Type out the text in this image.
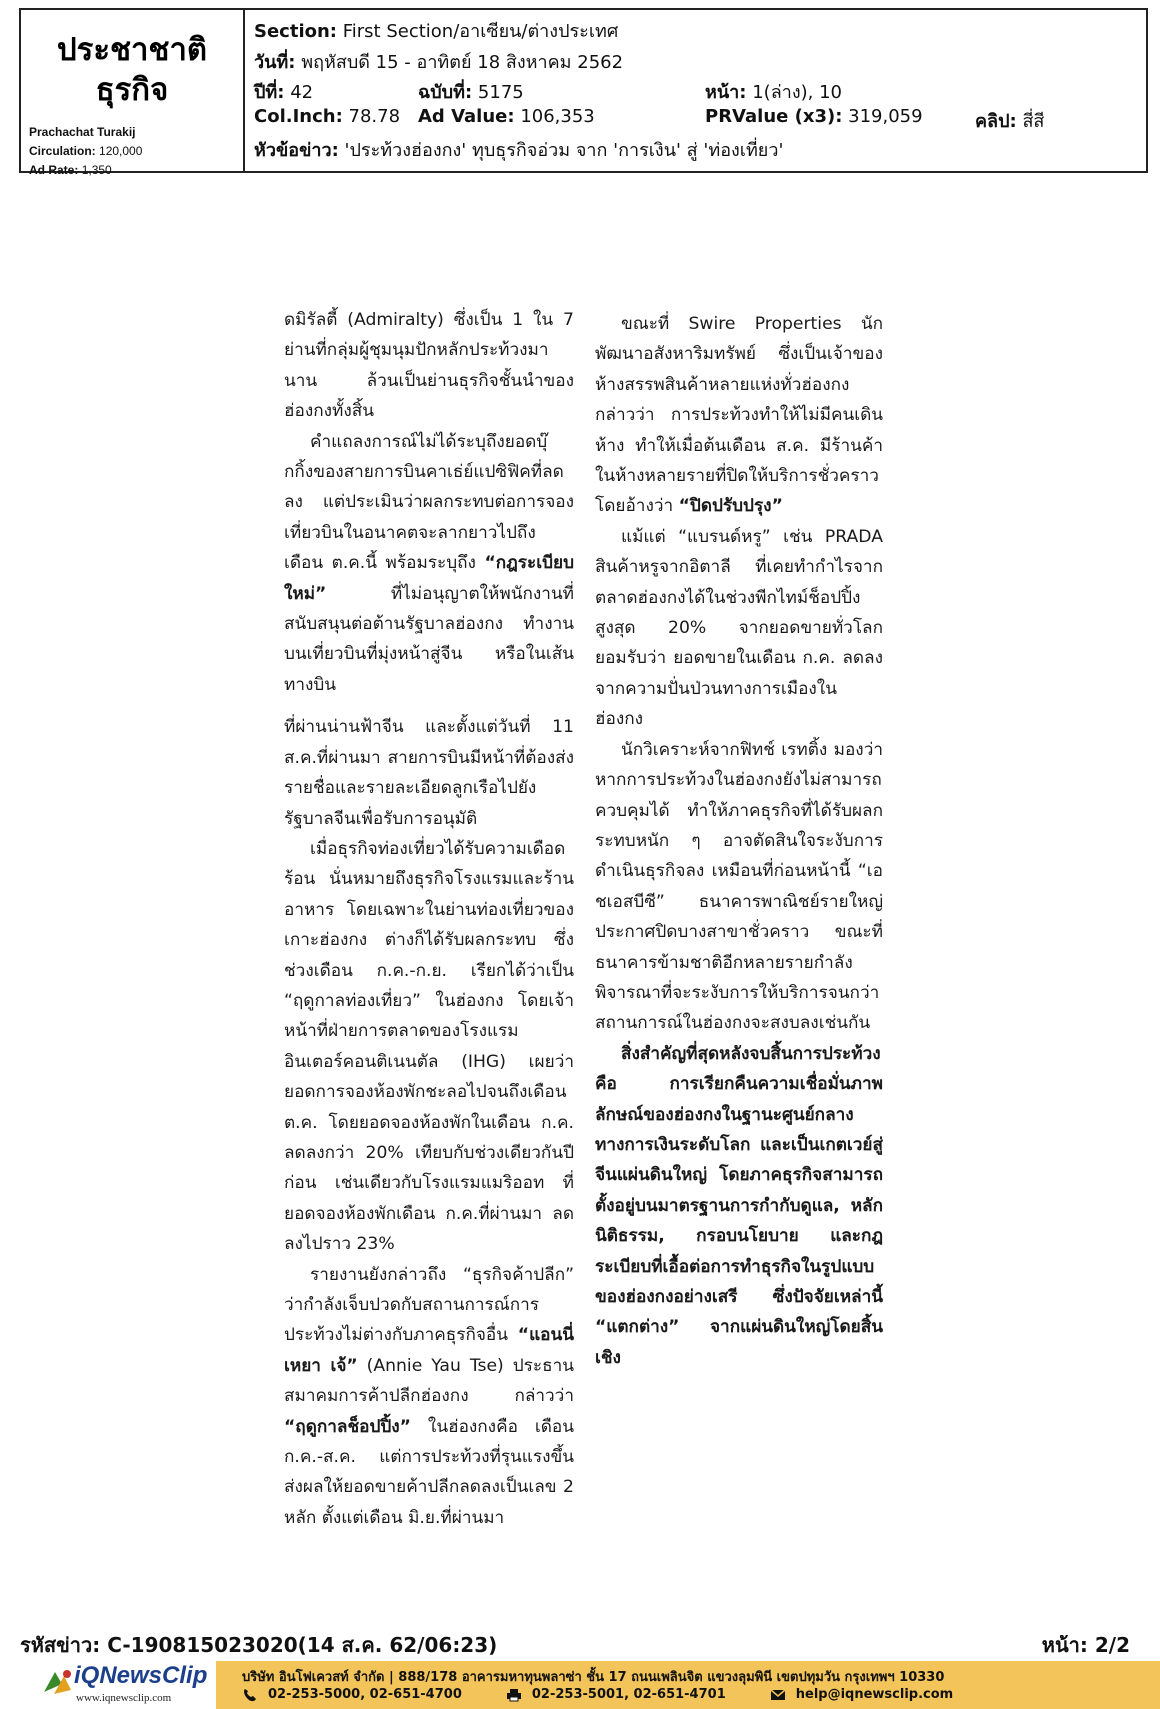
ประชาชาติ
ธุรกิจ
Prachachat Turakij
Circulation: 120,000
Ad Rate: 1,350
Section: First Section/อาเซียน/ต่างประเทศ
วันที่: พฤหัสบดี 15 - อาทิตย์ 18 สิงหาคม 2562
ปีที่: 42	ฉบับที่: 5175	หน้า: 1(ล่าง), 10
Col.Inch: 78.78 Ad Value: 106,353	PRValue (x3): 319,059	คลิป: สี่สี
หัวข้อข่าว: 'ประท้วงฮ่องกง' ทุบธุรกิจอ่วม จาก 'การเงิน' สู่ 'ท่องเที่ยว'

ดมิรัลตี้ (Admiralty) ซึ่งเป็น 1 ใน 7 ย่านที่กลุ่มผู้ชุมนุมปักหลักประท้วงมานาน ล้วนเป็นย่านธุรกิจชั้นนำของฮ่องกงทั้งสิ้น

คำแถลงการณ์ไม่ได้ระบุถึงยอดบุ๊กกิ้งของสายการบินคาเธ่ย์แปซิฟิคที่ลดลง แต่ประเมินว่าผลกระทบต่อการจองเที่ยวบินในอนาคตจะลากยาวไปถึงเดือน ต.ค.นี้ พร้อมระบุถึง “กฎระเบียบใหม่” ที่ไม่อนุญาตให้พนักงานที่สนับสนุนต่อต้านรัฐบาลฮ่องกง ทำงานบนเที่ยวบินที่มุ่งหน้าสู่จีน หรือในเส้นทางบิน

ที่ผ่านน่านฟ้าจีน และตั้งแต่วันที่ 11 ส.ค.ที่ผ่านมา สายการบินมีหน้าที่ต้องส่งรายชื่อและรายละเอียดลูกเรือไปยังรัฐบาลจีนเพื่อรับการอนุมัติ

เมื่อธุรกิจท่องเที่ยวได้รับความเดือดร้อน นั่นหมายถึงธุรกิจโรงแรมและร้านอาหาร โดยเฉพาะในย่านท่องเที่ยวของเกาะฮ่องกง ต่างก็ได้รับผลกระทบ ซึ่งช่วงเดือน ก.ค.-ก.ย. เรียกได้ว่าเป็น “ฤดูกาลท่องเที่ยว” ในฮ่องกง โดยเจ้าหน้าที่ฝ่ายการตลาดของโรงแรมอินเตอร์คอนติเนนตัล (IHG) เผยว่า ยอดการจองห้องพักชะลอไปจนถึงเดือน ต.ค. โดยยอดจองห้องพักในเดือน ก.ค. ลดลงกว่า 20% เทียบกับช่วงเดียวกันปีก่อน เช่นเดียวกับโรงแรมแมริออท ที่ยอดจองห้องพักเดือน ก.ค.ที่ผ่านมา ลดลงไปราว 23%

รายงานยังกล่าวถึง “ธุรกิจค้าปลีก” ว่ากำลังเจ็บปวดกับสถานการณ์การประท้วงไม่ต่างกับภาคธุรกิจอื่น “แอนนี่ เหยา เจ้” (Annie Yau Tse) ประธานสมาคมการค้าปลีกฮ่องกง กล่าวว่า “ฤดูกาลช็อปปิ้ง” ในฮ่องกงคือ เดือน ก.ค.-ส.ค. แต่การประท้วงที่รุนแรงขึ้นส่งผลให้ยอดขายค้าปลีกลดลงเป็นเลข 2 หลัก ตั้งแต่เดือน มิ.ย.ที่ผ่านมา

ขณะที่ Swire Properties นักพัฒนาอสังหาริมทรัพย์ ซึ่งเป็นเจ้าของห้างสรรพสินค้าหลายแห่งทั่วฮ่องกง กล่าวว่า การประท้วงทำให้ไม่มีคนเดินห้าง ทำให้เมื่อต้นเดือน ส.ค. มีร้านค้าในห้างหลายรายที่ปิดให้บริการชั่วคราวโดยอ้างว่า “ปิดปรับปรุง”

แม้แต่ “แบรนด์หรู” เช่น PRADA สินค้าหรูจากอิตาลี ที่เคยทำกำไรจากตลาดฮ่องกงได้ในช่วงพีกไทม์ช็อปปิ้งสูงสุด 20% จากยอดขายทั่วโลก ยอมรับว่า ยอดขายในเดือน ก.ค. ลดลงจากความปั่นป่วนทางการเมืองในฮ่องกง

นักวิเคราะห์จากฟิทช์ เรทติ้ง มองว่า หากการประท้วงในฮ่องกงยังไม่สามารถควบคุมได้ ทำให้ภาคธุรกิจที่ได้รับผลกระทบหนัก ๆ อาจตัดสินใจระงับการดำเนินธุรกิจลง เหมือนที่ก่อนหน้านี้ “เอชเอสบีซี” ธนาคารพาณิชย์รายใหญ่ประกาศปิดบางสาขาชั่วคราว ขณะที่ธนาคารข้ามชาติอีกหลายรายกำลังพิจารณาที่จะระงับการให้บริการจนกว่าสถานการณ์ในฮ่องกงจะสงบลงเช่นกัน

สิ่งสำคัญที่สุดหลังจบสิ้นการประท้วง คือ การเรียกคืนความเชื่อมั่นภาพลักษณ์ของฮ่องกงในฐานะศูนย์กลางทางการเงินระดับโลก และเป็นเกตเวย์สู่จีนแผ่นดินใหญ่ โดยภาคธุรกิจสามารถตั้งอยู่บนมาตรฐานการกำกับดูแล, หลักนิติธรรม, กรอบนโยบาย และกฎระเบียบที่เอื้อต่อการทำธุรกิจในรูปแบบของฮ่องกงอย่างเสรี ซึ่งปัจจัยเหล่านี้ “แตกต่าง” จากแผ่นดินใหญ่โดยสิ้นเชิง

รหัสข่าว: C-190815023020(14 ส.ค. 62/06:23)	หน้า: 2/2
iQNewsClip
www.iqnewsclip.com
บริษัท อินโฟเควสท์ จำกัด | 888/178 อาคารมหาทุนพลาซ่า ชั้น 17 ถนนเพลินจิต แขวงลุมพินี เขตปทุมวัน กรุงเทพฯ 10330
02-253-5000, 02-651-4700	02-253-5001, 02-651-4701	help@iqnewsclip.com
